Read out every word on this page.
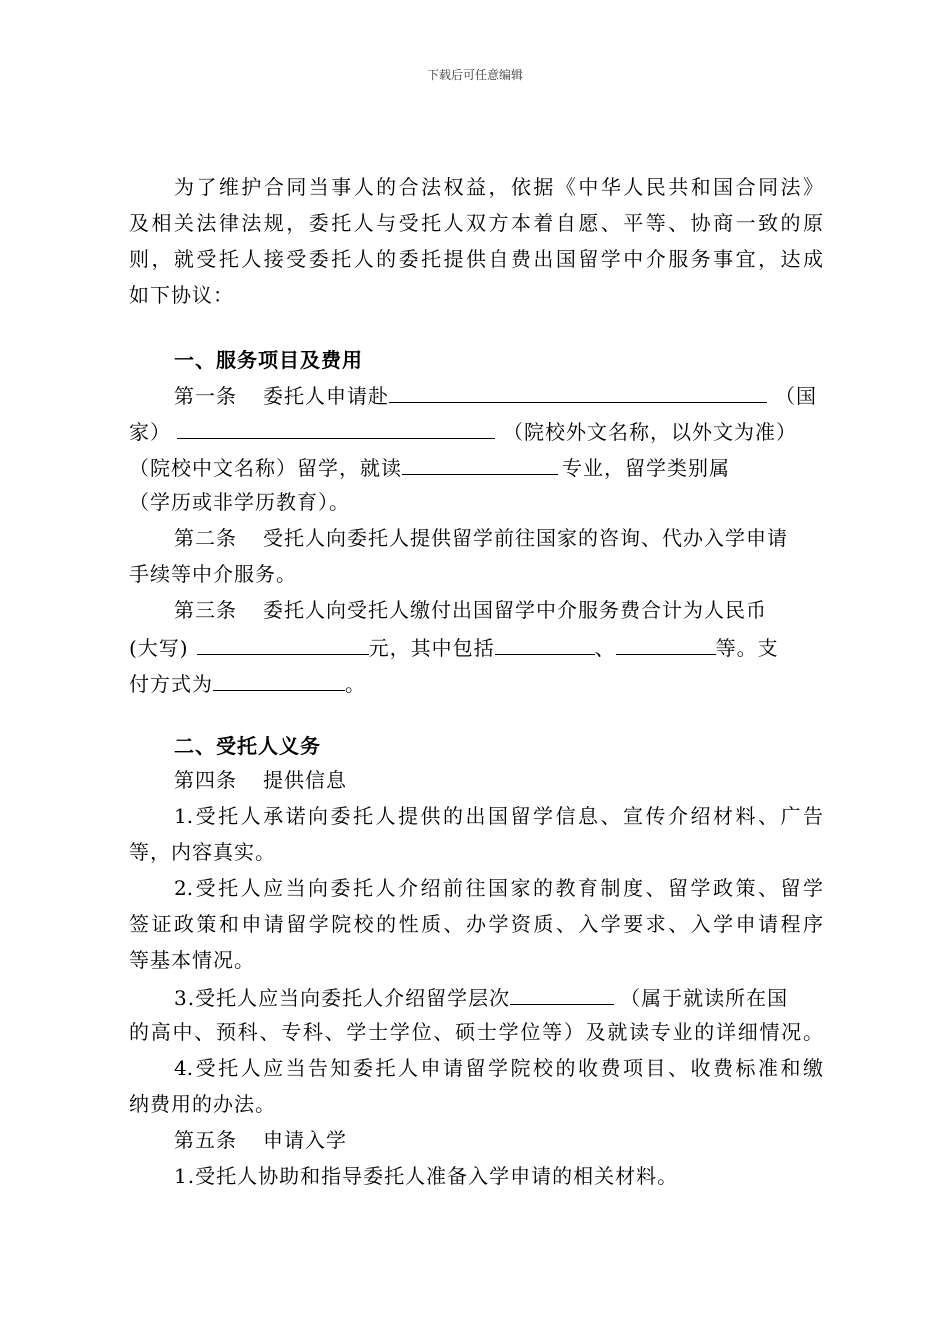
下载后可任意编辑
为了维护合同当事人的合法权益，依据《中华人民共和国合同法》
及相关法律法规，委托人与受托人双方本着自愿、平等、协商一致的原
则，就受托人接受委托人的委托提供自费出国留学中介服务事宜，达成
如下协议：
一、服务项目及费用
第一条 委托人申请赴	（国
家）	（院校外文名称，以外文为准）
（院校中文名称）留学，就读	专业，留学类别属
（学历或非学历教育）。
第二条 受托人向委托人提供留学前往国家的咨询、代办入学申请
手续等中介服务。
第三条 委托人向受托人缴付出国留学中介服务费合计为人民币
(大写)	元，其中包括	、	等。支
付方式为	。
二、受托人义务
第四条 提供信息
1.受托人承诺向委托人提供的出国留学信息、宣传介绍材料、广告
等，内容真实。
2.受托人应当向委托人介绍前往国家的教育制度、留学政策、留学
签证政策和申请留学院校的性质、办学资质、入学要求、入学申请程序
等基本情况。
3.受托人应当向委托人介绍留学层次	（属于就读所在国
的高中、预科、专科、学士学位、硕士学位等）及就读专业的详细情况。
4.受托人应当告知委托人申请留学院校的收费项目、收费标准和缴
纳费用的办法。
第五条 申请入学
1.受托人协助和指导委托人准备入学申请的相关材料。
